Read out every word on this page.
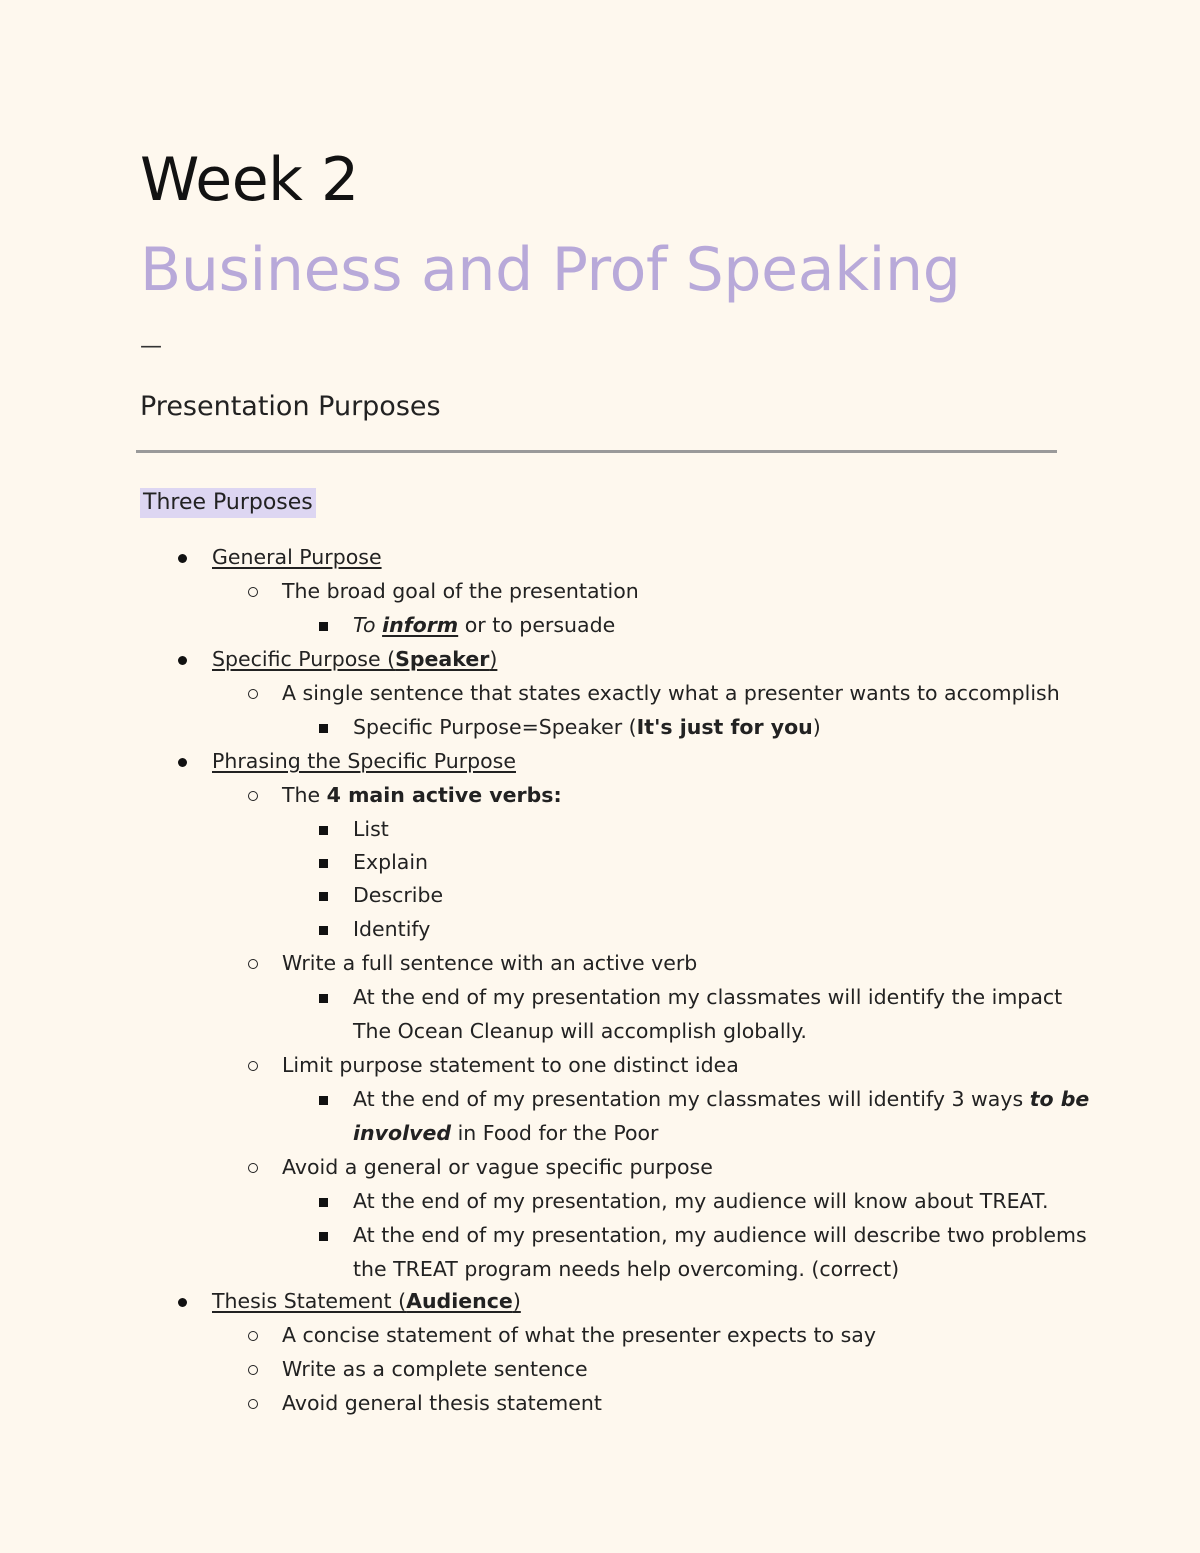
Week 2
Business and Prof Speaking
—
Presentation Purposes
Three Purposes
General Purpose
The broad goal of the presentation
To inform or to persuade
Specific Purpose (Speaker)
A single sentence that states exactly what a presenter wants to accomplish
Specific Purpose=Speaker (It's just for you)
Phrasing the Specific Purpose
The 4 main active verbs:
List
Explain
Describe
Identify
Write a full sentence with an active verb
At the end of my presentation my classmates will identify the impact
The Ocean Cleanup will accomplish globally.
Limit purpose statement to one distinct idea
At the end of my presentation my classmates will identify 3 ways to be
involved in Food for the Poor
Avoid a general or vague specific purpose
At the end of my presentation, my audience will know about TREAT.
At the end of my presentation, my audience will describe two problems
the TREAT program needs help overcoming. (correct)
Thesis Statement (Audience)
A concise statement of what the presenter expects to say
Write as a complete sentence
Avoid general thesis statement
